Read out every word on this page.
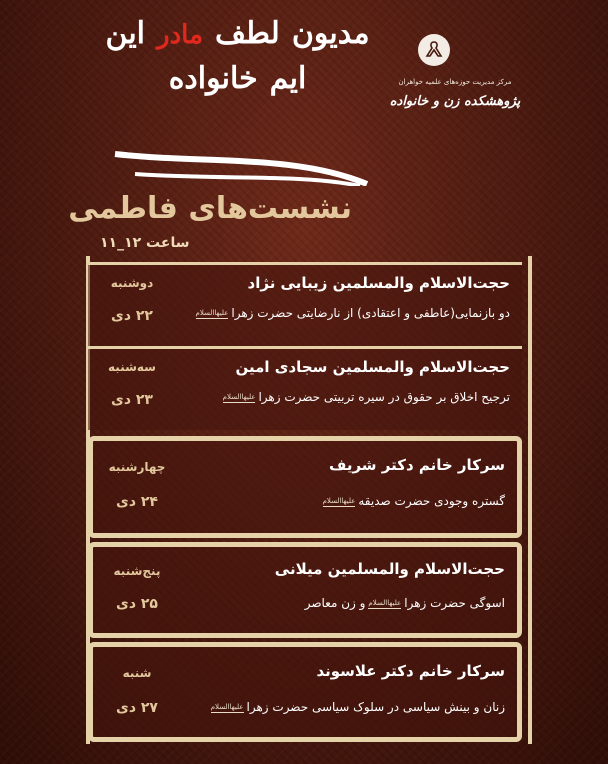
مرکز مدیریت حوزه‌های علمیه خواهران
پژوهشکده زن و خانواده
مدیون
لطف
مادر
این
ایم
خانواده
نشست‌های فاطمی
ساعت ۱۲_۱۱
حجت‌الاسلام والمسلمین زیبایی نژاد
دو بازنمایی(عاطفی و اعتقادی) از نارضایتی حضرت زهراعلیهاالسلام
دوشنبه
۲۲ دی
حجت‌الاسلام والمسلمین سجادی امین
ترجیح اخلاق بر حقوق در سیره تربیتی حضرت زهراعلیهاالسلام
سه‌شنبه
۲۳ دی
سرکار خانم دکتر شریف
گستره وجودی حضرت صدیقهعلیهاالسلام
چهارشنبه
۲۴ دی
حجت‌الاسلام والمسلمین میلانی
اسوگی حضرت زهراعلیهاالسلامو زن معاصر
پنج‌شنبه
۲۵ دی
سرکار خانم دکتر علاسوند
زنان و بینش سیاسی در سلوک سیاسی حضرت زهراعلیهاالسلام
شنبه
۲۷ دی
